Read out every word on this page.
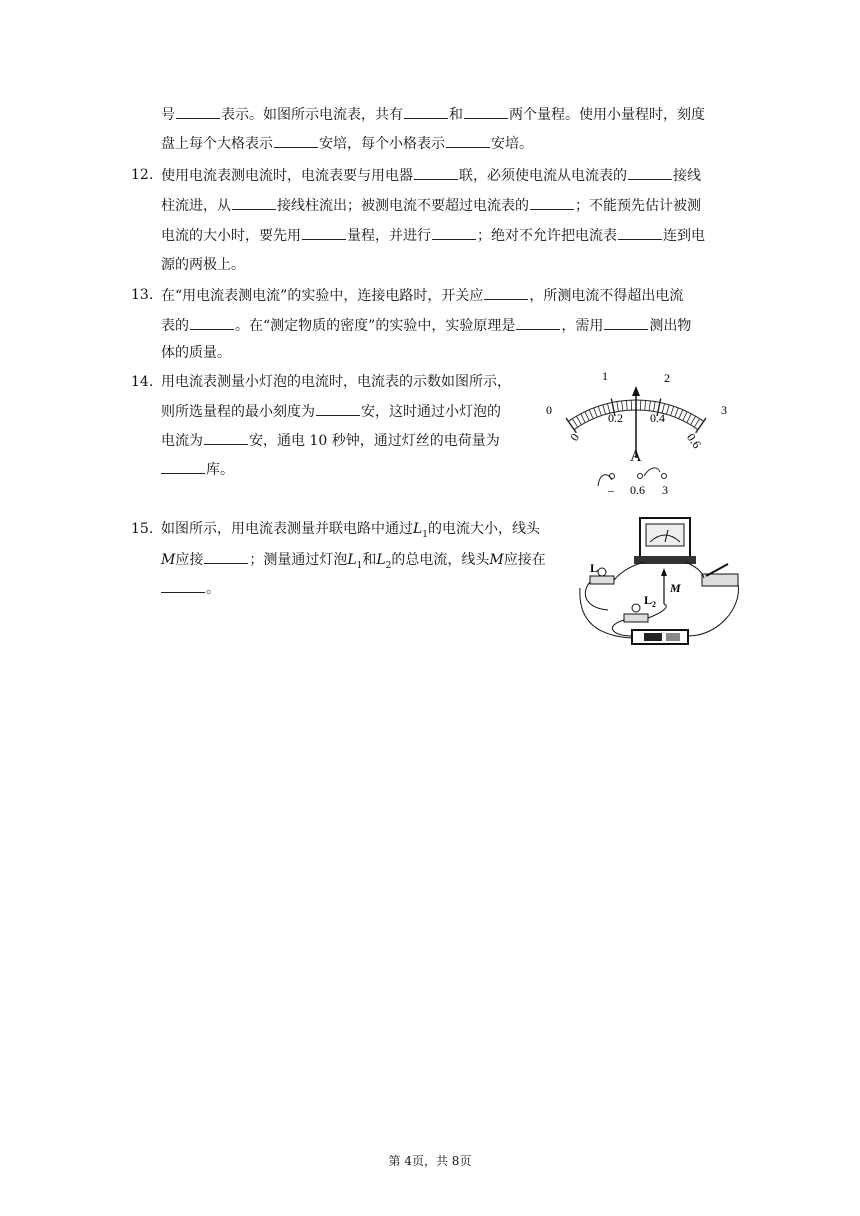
号	表示。如图所示电流表，共有	和	两个量程。使用小量程时，刻度
盘上每个大格表示	安培，每个小格表示	安培。
12. 使用电流表测电流时，电流表要与用电器	联，必须使电流从电流表的	接线
柱流进，从	接线柱流出；被测电流不要超过电流表的	；不能预先估计被测
电流的大小时，要先用	量程，并进行	；绝对不允许把电流表	连到电
源的两极上。
13. 在“用电流表测电流”的实验中，连接电路时，开关应	，所测电流不得超出电流
表的	。在“测定物质的密度”的实验中，实验原理是	，需用	测出物
体的质量。
14. 用电流表测量小灯泡的电流时，电流表的示数如图所示，
则所选量程的最小刻度为	安，这时通过小灯泡的
电流为	安，通电 10 秒钟，通过灯丝的电荷量为
库。
0
1	2
3
0
0.2 0.4
0.6
A
– 0.6 3
15. 如图所示，用电流表测量并联电路中通过$L_1$的电流大小，线头
M应接	；测量通过灯泡$L_1$和$L_2$的总电流，线头M应接在
。
L
L 2
M
第 4页，共 8页
